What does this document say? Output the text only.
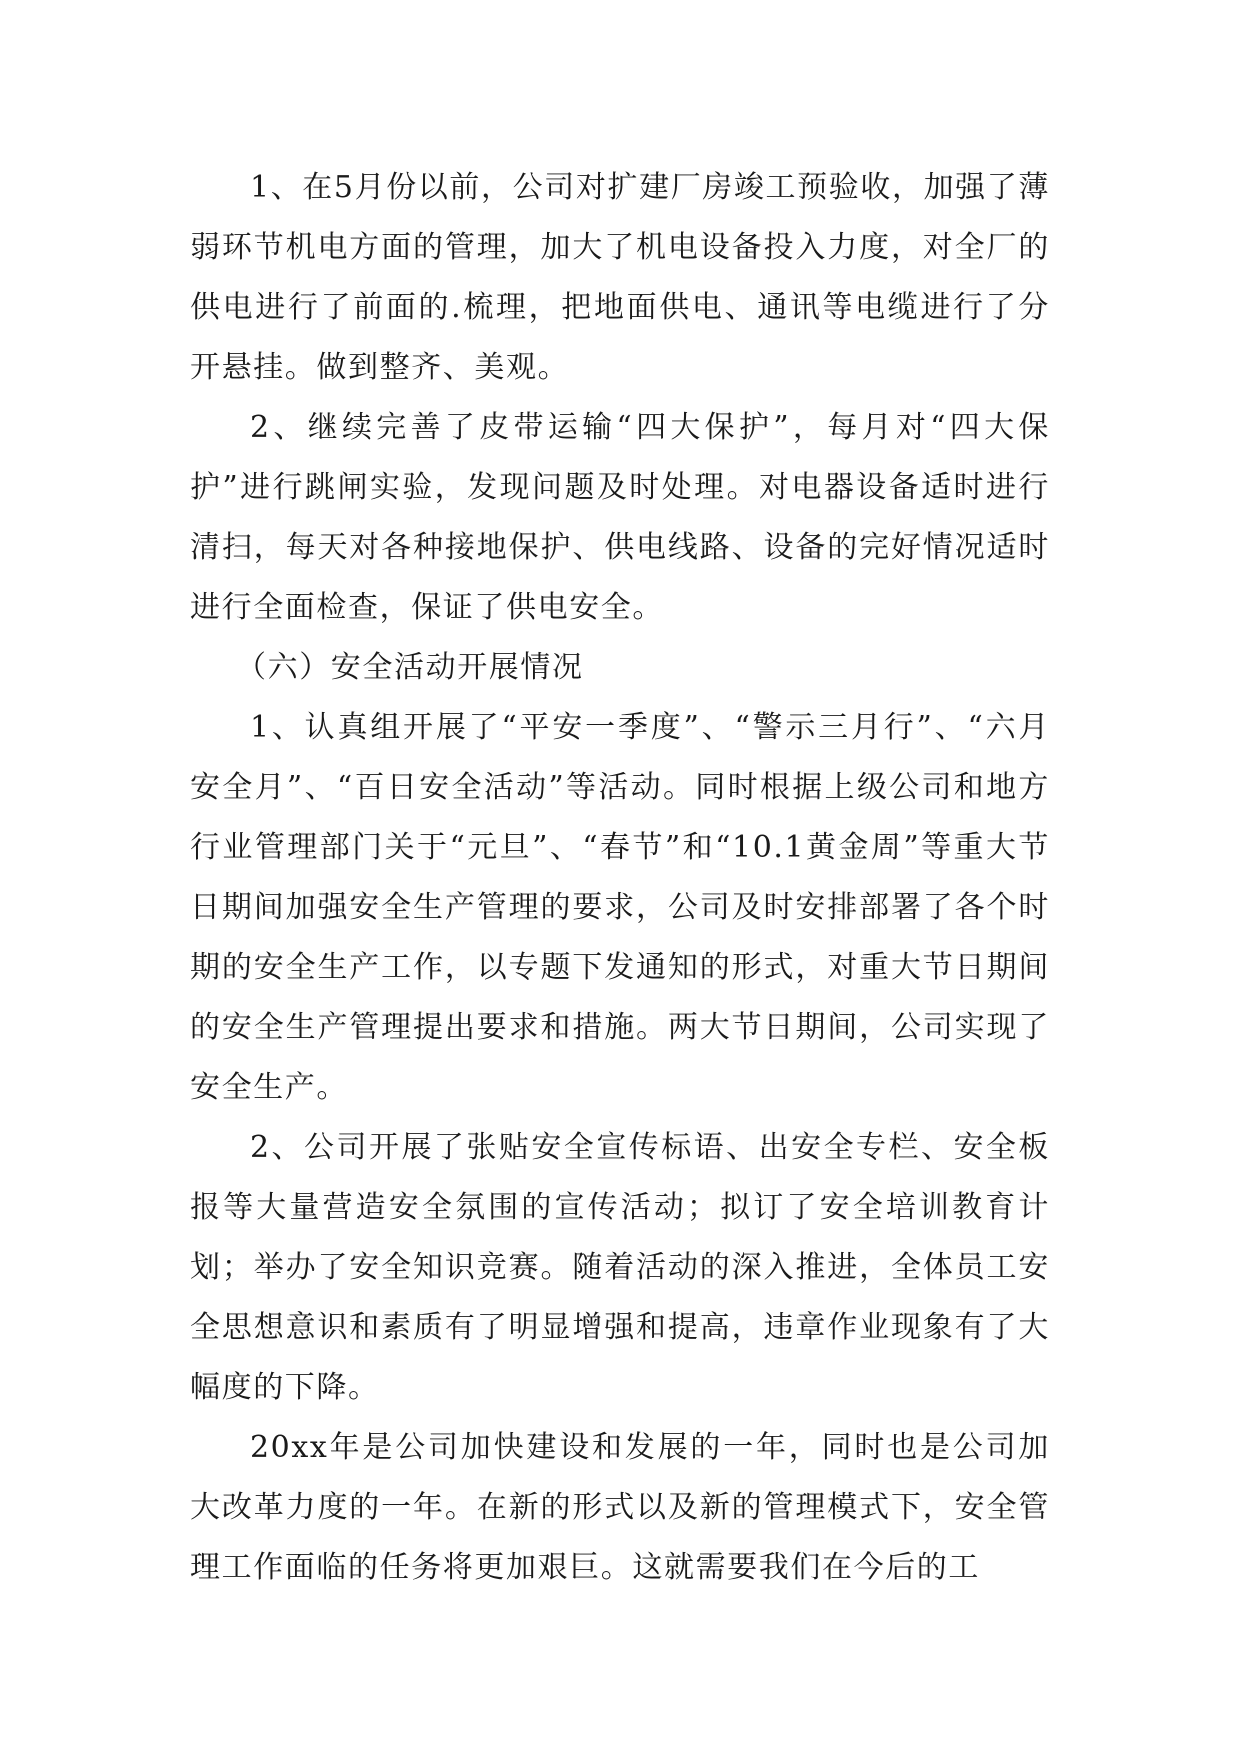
1、在5月份以前，公司对扩建厂房竣工预验收，加强了薄弱环节机电方面的管理，加大了机电设备投入力度，对全厂的供电进行了前面的.梳理，把地面供电、通讯等电缆进行了分开悬挂。做到整齐、美观。

2、继续完善了皮带运输“四大保护”，每月对“四大保护”进行跳闸实验，发现问题及时处理。对电器设备适时进行清扫，每天对各种接地保护、供电线路、设备的完好情况适时进行全面检查，保证了供电安全。

（六）安全活动开展情况

1、认真组开展了“平安一季度”、“警示三月行”、“六月安全月”、“百日安全活动”等活动。同时根据上级公司和地方行业管理部门关于“元旦”、“春节”和“10.1黄金周”等重大节日期间加强安全生产管理的要求，公司及时安排部署了各个时期的安全生产工作，以专题下发通知的形式，对重大节日期间的安全生产管理提出要求和措施。两大节日期间，公司实现了安全生产。

2、公司开展了张贴安全宣传标语、出安全专栏、安全板报等大量营造安全氛围的宣传活动；拟订了安全培训教育计划；举办了安全知识竞赛。随着活动的深入推进，全体员工安全思想意识和素质有了明显增强和提高，违章作业现象有了大幅度的下降。

20xx年是公司加快建设和发展的一年，同时也是公司加大改革力度的一年。在新的形式以及新的管理模式下，安全管理工作面临的任务将更加艰巨。这就需要我们在今后的工
